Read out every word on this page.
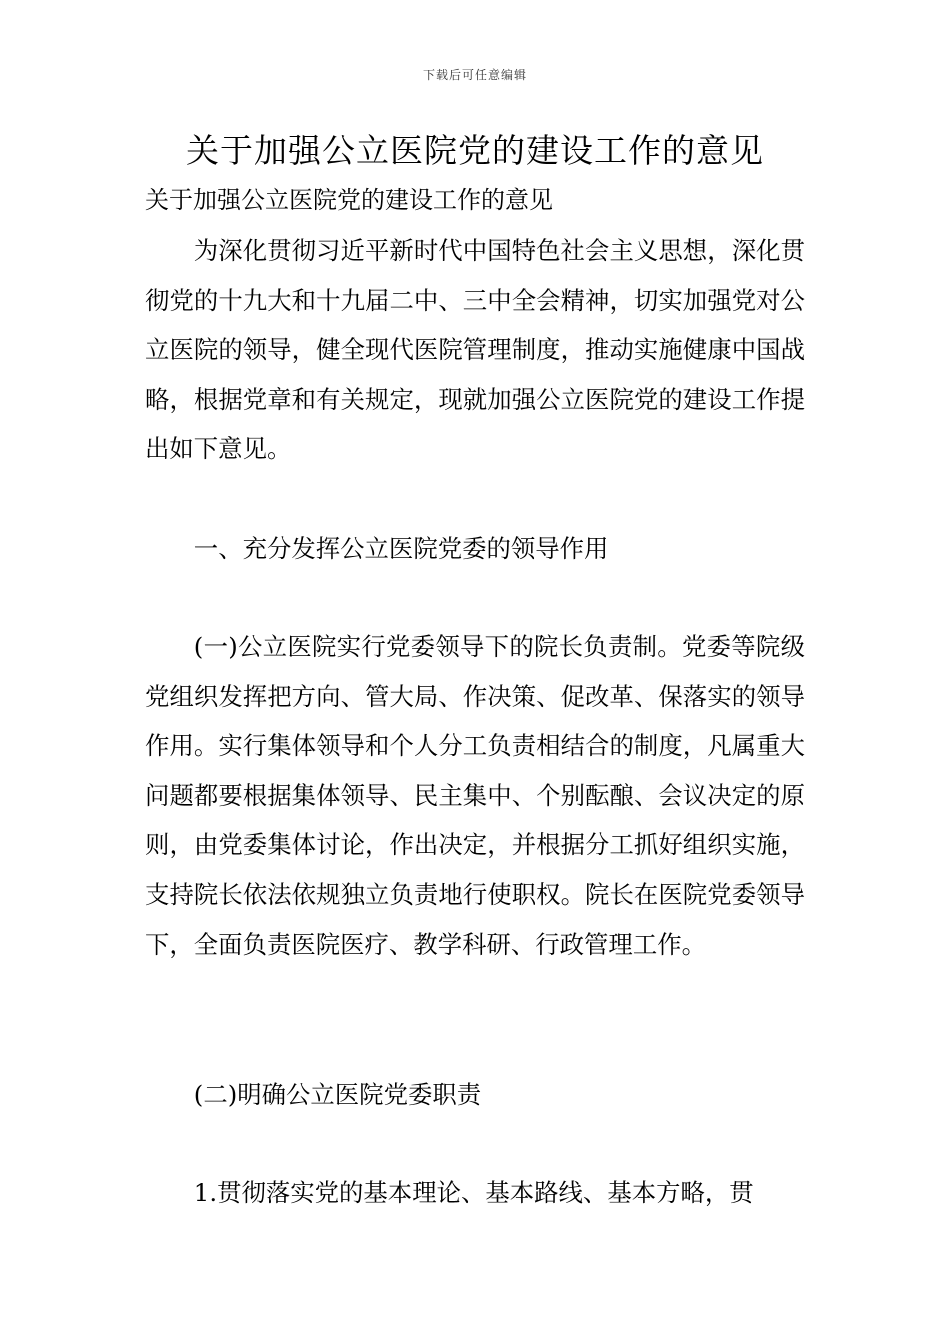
下载后可任意编辑
关于加强公立医院党的建设工作的意见
关于加强公立医院党的建设工作的意见

为深化贯彻习近平新时代中国特色社会主义思想，深化贯彻党的十九大和十九届二中、三中全会精神，切实加强党对公立医院的领导，健全现代医院管理制度，推动实施健康中国战略，根据党章和有关规定，现就加强公立医院党的建设工作提出如下意见。

一、充分发挥公立医院党委的领导作用

(一)公立医院实行党委领导下的院长负责制。党委等院级党组织发挥把方向、管大局、作决策、促改革、保落实的领导作用。实行集体领导和个人分工负责相结合的制度，凡属重大问题都要根据集体领导、民主集中、个别酝酿、会议决定的原则，由党委集体讨论，作出决定，并根据分工抓好组织实施，支持院长依法依规独立负责地行使职权。院长在医院党委领导下，全面负责医院医疗、教学科研、行政管理工作。

(二)明确公立医院党委职责

1.贯彻落实党的基本理论、基本路线、基本方略，贯
